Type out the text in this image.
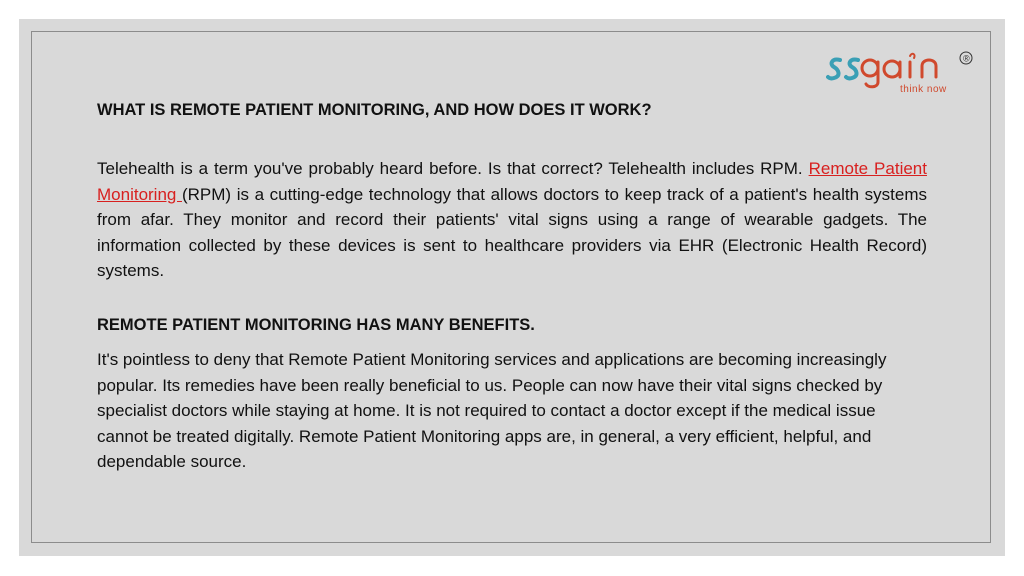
®
think now
WHAT IS REMOTE PATIENT MONITORING, AND HOW DOES IT WORK?

Telehealth is a term you've probably heard before. Is that correct? Telehealth includes RPM. Remote Patient Monitoring (RPM) is a cutting-edge technology that allows doctors to keep track of a patient's health systems from afar. They monitor and record their patients' vital signs using a range of wearable gadgets. The information collected by these devices is sent to healthcare providers via EHR (Electronic Health Record) systems.

REMOTE PATIENT MONITORING HAS MANY BENEFITS.

It's pointless to deny that Remote Patient Monitoring services and applications are becoming increasingly popular. Its remedies have been really beneficial to us. People can now have their vital signs checked by specialist doctors while staying at home. It is not required to contact a doctor except if the medical issue cannot be treated digitally. Remote Patient Monitoring apps are, in general, a very efficient, helpful, and dependable source.
